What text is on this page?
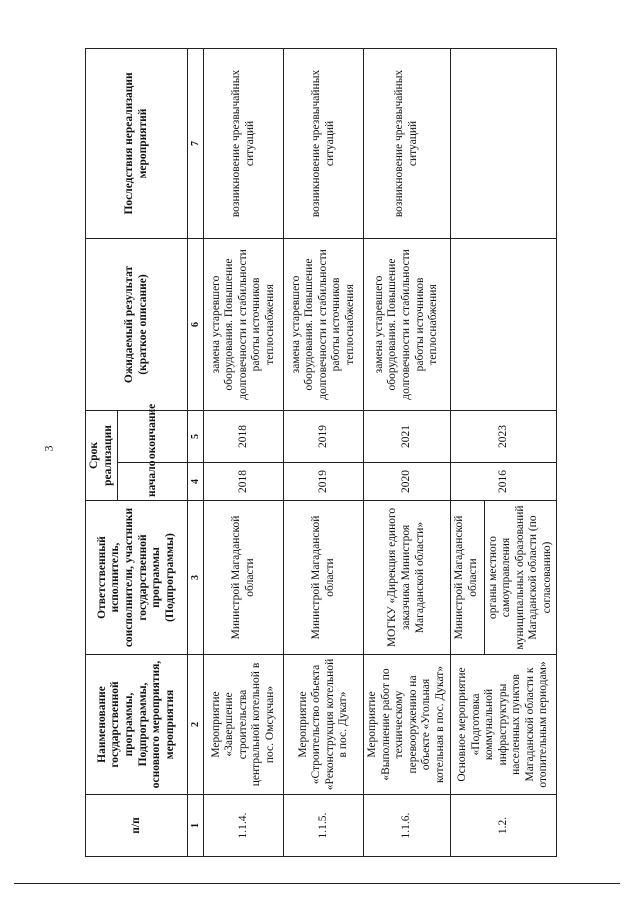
3
п/п	Наименование государственной программы, Подпрограммы, основного мероприятия, мероприятия	Ответственный исполнитель, соисполнители, участники государственной программы (Подпрограммы)	Срок реализации		Ожидаемый результат (краткое описание)	Последствия нереализации мероприятий
			начало	окончание		
1	2	3	4	5	6	7
1.1.4.	Мероприятие «Завершение строительства центральной котельной в пос. Омсукчан»	Министрой Магаданской области	2018	2018	замена устаревшего оборудования. Повышение долговечности и стабильности работы источников теплоснабжения	возникновение чрезвычайных ситуаций
1.1.5.	Мероприятие «Строительство объекта «Реконструкция котельной в пос. Дукат»	Министрой Магаданской области	2019	2019	замена устаревшего оборудования. Повышение долговечности и стабильности работы источников теплоснабжения	возникновение чрезвычайных ситуаций
1.1.6.	Мероприятие «Выполнение работ по техническому перевооружению на объекте «Угольная котельная в пос. Дукат»	МОГКУ «Дирекция единого заказчика Министроя Магаданской области»	2020	2021	замена устаревшего оборудования. Повышение долговечности и стабильности работы источников теплоснабжения	возникновение чрезвычайных ситуаций
1.2.	Основное мероприятие «Подготовка коммунальной инфраструктуры населенных пунктов Магаданской области к отопительным периодам»	Министрой Магаданской области	2016	2023		
		органы местного самоуправления муниципальных образований Магаданской области (по согласованию)				
